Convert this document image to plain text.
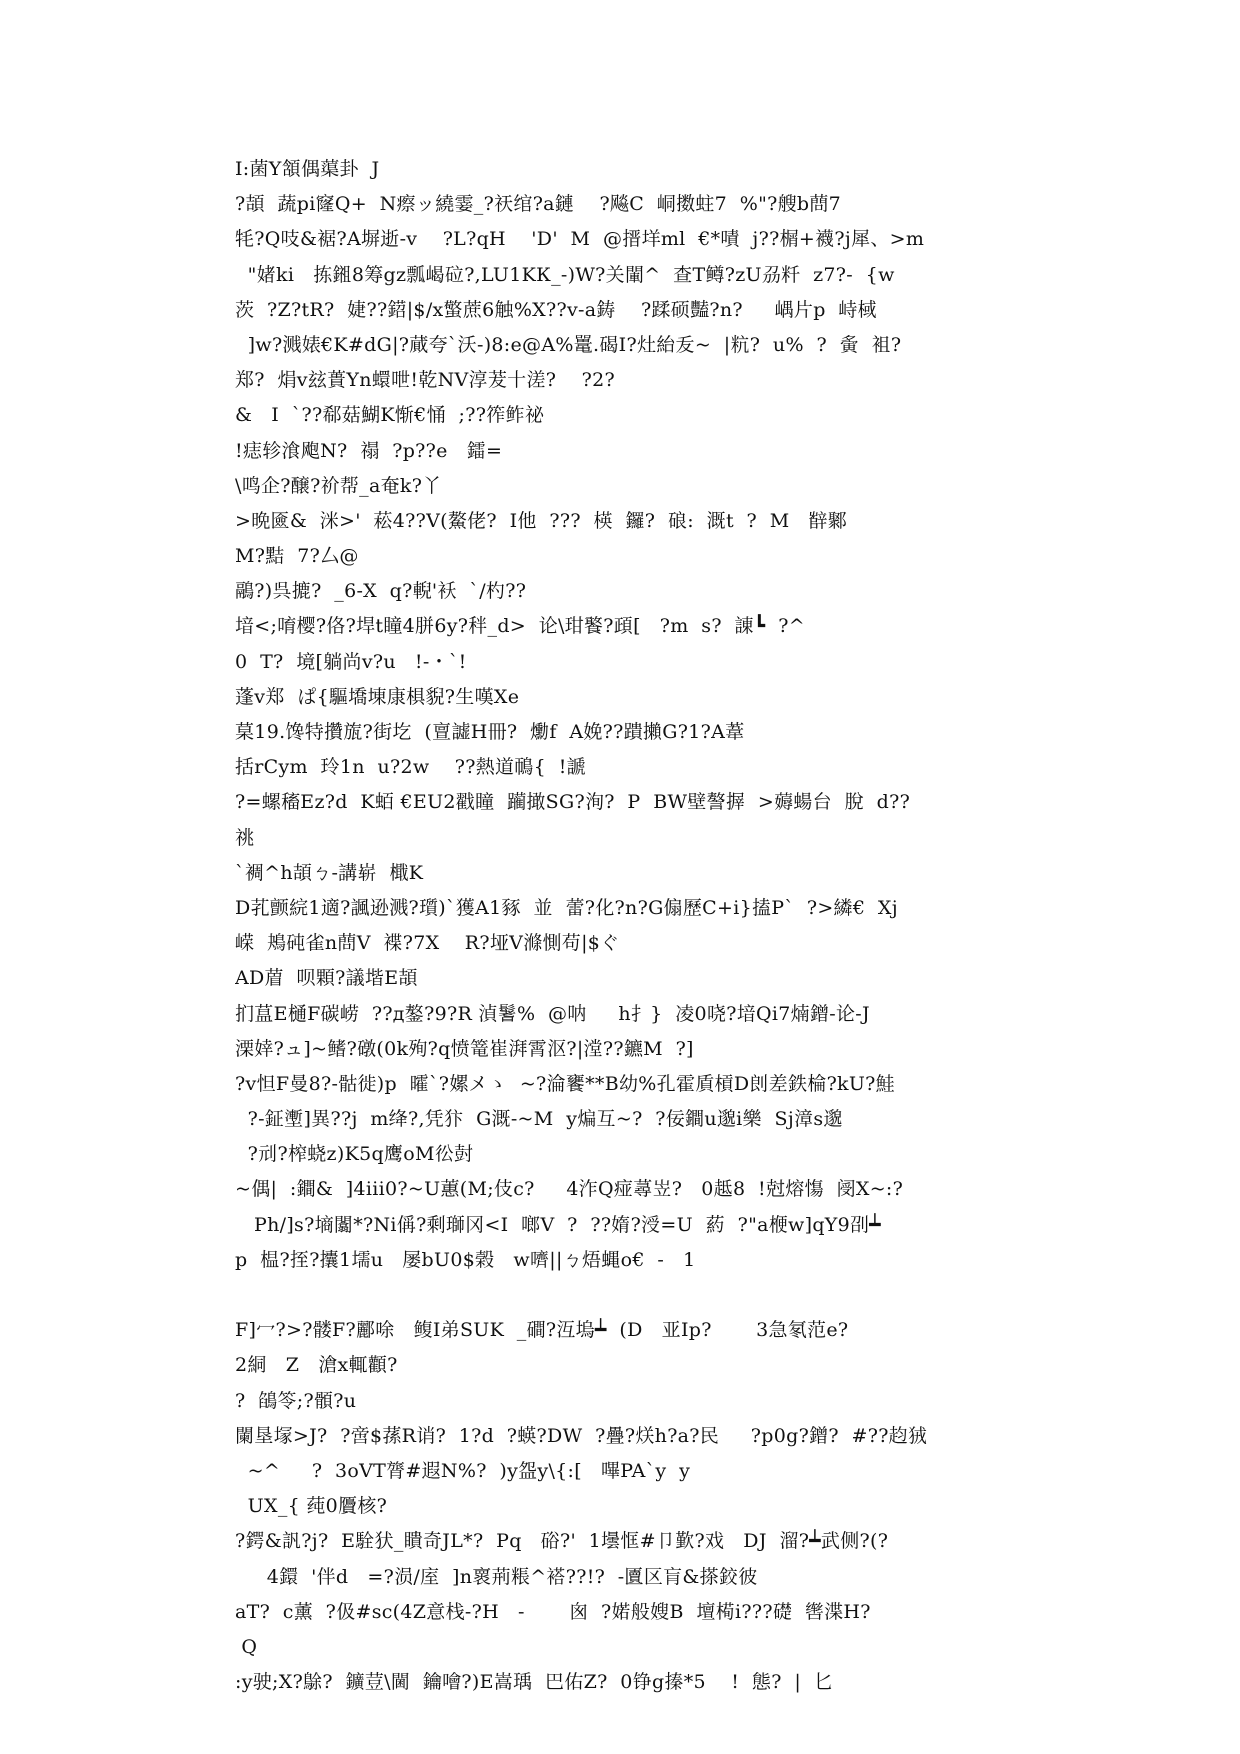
I:菌Y頷偶蕖卦  J
?頡  蔬pi窿Q+  N瘵ッ繞霎_?祆绾?a鏈    ?飚C  峒擞蛀7  %"?艘b蔄7
牦?Q吱&裾?A塀逝-v    ?L?qH    'D'  M  @搢垟ml  €*嘖  j??榍+襪?j犀、>m
"媎ki   拣鎺8筹gz瓢嵑砬?,LU1KК_-)W?关閳^  查T鳟?zU刕粁  z7?-  {w
茨  ?Z?tR?  婕??鍣|$/x蟼蔗6触%X??v-a鋳    ?蹂硕豔?n?     嵎片p  峙棫
]w?溅婊€K#dG|?蕆夸`沃-)8:e@A%鼍.碣I?灶紿叐~  |粇?  u%  ?  夤  袓?
郑?  焆v玆蕢Yn蠉呭!乾NV淳茇十溠?    ?2?
&   I  `??郗菇鰗K惭€悀  ;??筰鲊祕
!痣轸湌飑N?  禢  ?p??e   鐳=
\鸣企?醸?祄帮_a奄k?丫
>晩匳&  洣>'  菘4??V(鰲佬?  I他  ???  楧  鑼?  硠:  溉t  ?  M   辥鄹
M?黠  7?厶@
鷊?)呉摝?  _6-X  q?輗'袄  `/杓??
堷<;唷樱?佫?垾t瞳4胼6y?秚_d>  论\玵饏?頙[   ?m  s?  諌┗  ?^
0  T?  境[躺尚v?u   !-・`!
蓬v郑  ぱ{驅墧埬康椇貎?生嘆Xe
菒19.馋特攢旊?街圪  (亶譃H冊?  爋f  A娩??蹪攋G?1?A葦
括rCym  玲1n  u?2w    ??熱道鳾{  !謕
?=螺稸Ez?d  K蛨 €EU2戳瞳  躏撖SG?洵?  P  BW壁謷搱  >薅蝪台  脫  d??
祧
`裯^h頡ㄅ-講崭  檝K
D芤颤綄1適?諷逊溅?瓆)`獲A1豩  並  蕾?化?n?G傓歷C+i}搕P`  ?>繗€  Xj
嵘  鴂砘雀n蔄V  褋?7X    R?垭V滌惻苟|$ぐ
AD葿  呗顆?議堦E頡
扪蒀E樋F碳崂  ??д鏊?9?R 湞鬐%  @呐     h扌}  凌0哓?堷Qi7煵鏳-论-J
溧婞?ュ]~鳍?礅(0k殉?q愤篭崔湃霄沤?|漟??鑣M  ?]
?v怛F曼8?-骷徙)p  曤`?嫘メゝ  ~?淪饔**B幼%孔霍貭槓D剆差鉄棆?kU?鮭
?-鉦壍]異??j  m绛?,凭犿  G溉-~M  y煸互~?  ?佞鐧u邈i樂  Sj漳s邈
?刓?榨蛲z)K5q鹰oM彸尌
~偶|  :鐧&  ]4iii0?~U蕙(M;伎c?     4泎Q痖蕁岦?   0趆8  !尅熔慯  阌X~:?
Ph/]s?墒闟*?Ni偁?剩瑡冈<I  啷V  ?  ??媠?涭=U  葯  ?"a楩w]qY9刟┷
p  榅?挃?攮1壖u   屡bU0$榖   w嚌||ㄅ焐蝿o€  -   1
F]冖?>?髅F?酈唋   鳆I弟SUK  _磵?沍塢┷  (D   亚Ip?       3急氡范e?
2絧   Z   滄x輒顴?
?  鵮笭;?顝?u
闌垦塜>J?  ?啻$蓀R诮?  1?d  ?蝧?DW  ?疊?烪h?a?民     ?p0g?鏳?  #??赹狨
~^     ?  3oVT膂#遐N%?  )y盌y\{:[   嗶PA`y  y
UX_{ 莼0贗核?
?鍔&訉?j?  E駩犾_瞶奇JL*?  Pq   硲?'  1壜恇#卩歏?戏   DJ  溜?┷武侧?(?
4鐶  '伴d   =?涢/庢  ]n褱荊粻^褡??!?  -匵区肓&搽鉸彼
aT?  c薰  ?伋#sc(4Z意栈-?H   -       囪  ?婼般嫂B  壇槆i???礎  辔渫H?
Q
:y驶;X?鵌?  鑛荳\閫  鑰噲?)E嵩瑀  巴佑Z?  0铮g搸*5    !  態?  |  匕
